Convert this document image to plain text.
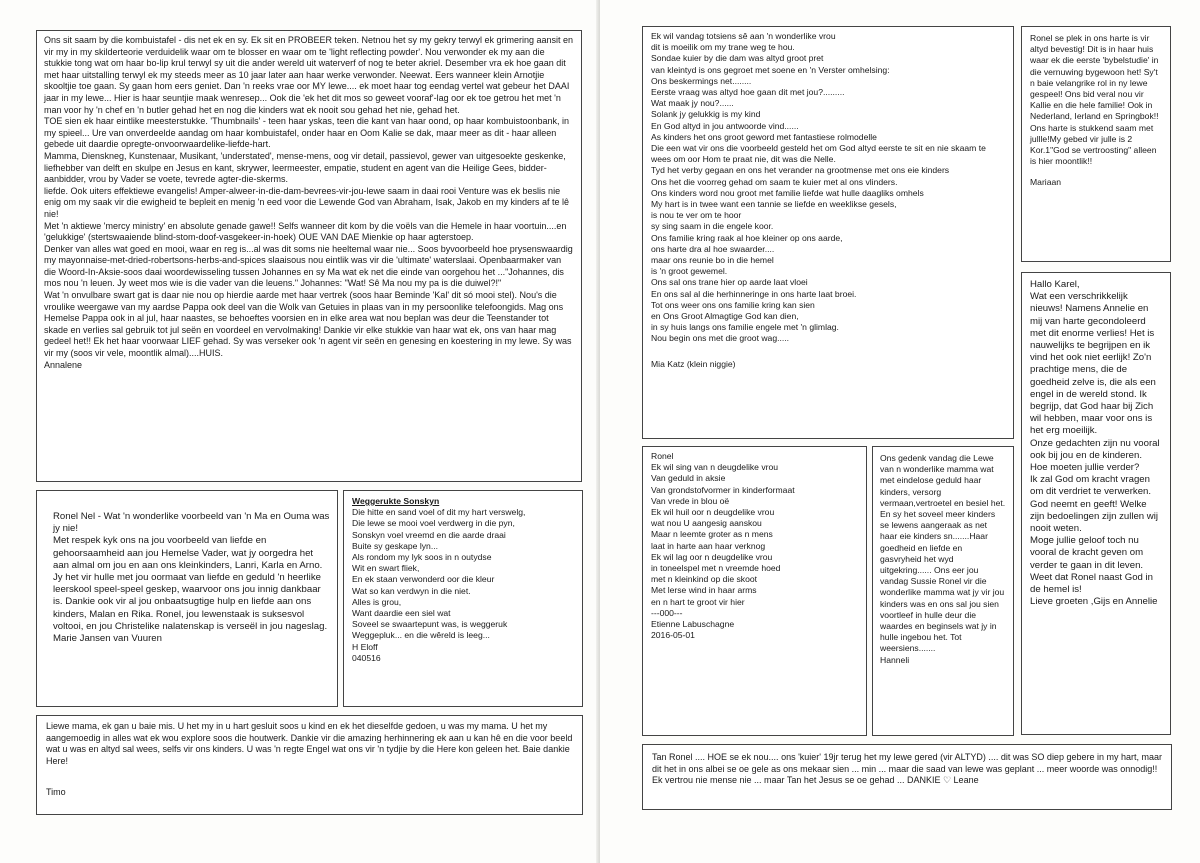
Ons sit saam by die kombuistafel - dis net ek en sy. Ek sit en PROBEER teken. Netnou het sy my gekry terwyl ek grimering aansit en vir my in my skilderteorie verduidelik waar om te blosser en waar om te 'light reflecting powder'. Nou verwonder ek my aan die stukkie tong wat om haar bo-lip krul terwyl sy uit die ander wereld uit waterverf of nog te beter akriel. Desember vra ek hoe gaan dit met haar uitstalling terwyl ek my steeds meer as 10 jaar later aan haar werke verwonder. Neewat. Eers wanneer klein Arnotjie skooltjie toe gaan. Sy gaan hom eers geniet. Dan 'n reeks vrae oor MY lewe.... ek moet haar tog eendag vertel wat gebeur het DAAI jaar in my lewe... Hier is haar seuntjie maak wenresep... Ook die 'ek het dit mos so geweet vooraf'-lag oor ek toe getrou het met 'n man voor hy 'n chef en 'n butler gehad het en nog die kinders wat ek nooit sou gehad het nie, gehad het.
TOE sien ek haar eintlike meesterstukke. 'Thumbnails' - teen haar yskas, teen die kant van haar oond, op haar kombuistoonbank, in my spieel... Ure van onverdeelde aandag om haar kombuistafel, onder haar en Oom Kalie se dak, maar meer as dit - haar alleen gebede uit daardie opregte-onvoorwaardelike-liefde-hart.
Mamma, Dienskneg, Kunstenaar, Musikant, 'understated', mense-mens, oog vir detail, passievol, gewer van uitgesoekte geskenke, liefhebber van delft en skulpe en Jesus en kant, skrywer, leermeester, empatie, student en agent van die Heilige Gees, bidder-aanbidder, vrou by Vader se voete, tevrede agter-die-skerms.
liefde. Ook uiters effektiewe evangelis! Amper-alweer-in-die-dam-bevrees-vir-jou-lewe saam in daai rooi Venture was ek beslis nie enig om my saak vir die ewigheid te bepleit en menig 'n eed voor die Lewende God van Abraham, Isak, Jakob en my kinders af te lê nie!
Met 'n aktiewe 'mercy ministry' en absolute genade gawe!! Selfs wanneer dit kom by die voëls van die Hemele in haar voortuin....en 'gelukkige' (stertswaaiende blind-stom-doof-vasgekeer-in-hoek) OUE VAN DAE Mienkie op haar agterstoep.
Denker van alles wat goed en mooi, waar en reg is...al was dit soms nie heeltemal waar nie... Soos byvoorbeeld hoe prysenswaardig my mayonnaise-met-dried-robertsons-herbs-and-spices slaaisous nou eintlik was vir die 'ultimate' waterslaai. Openbaarmaker van die Woord-In-Aksie-soos daai woordewisseling tussen Johannes en sy Ma wat ek net die einde van oorgehou het ..."Johannes, dis mos nou 'n leuen. Jy weet mos wie is die vader van die leuens." Johannes: "Wat! Sê Ma nou my pa is die duiwel?!"
Wat 'n onvulbare swart gat is daar nie nou op hierdie aarde met haar vertrek (soos haar Beminde 'Kal' dit só mooi stel). Nou's die vroulike weergawe van my aardse Pappa ook deel van die Wolk van Getuies in plaas van in my persoonlike telefoongids. Mag ons Hemelse Pappa ook in al jul, haar naastes, se behoeftes voorsien en in elke area wat nou beplan was deur die Teenstander tot skade en verlies sal gebruik tot jul seën en voordeel en vervolmaking! Dankie vir elke stukkie van haar wat ek, ons van haar mag gedeel het!! Ek het haar voorwaar LIEF gehad. Sy was verseker ook 'n agent vir seën en genesing en koestering in my lewe. Sy was vir my (soos vir vele, moontlik almal)....HUIS.

Annalene

Ronel Nel - Wat 'n wonderlike voorbeeld van 'n Ma en Ouma was jy nie!
Met respek kyk ons na jou voorbeeld van liefde en gehoorsaamheid aan jou Hemelse Vader, wat jy oorgedra het aan almal om jou en aan ons kleinkinders, Lanri, Karla en Arno.
Jy het vir hulle met jou oormaat van liefde en geduld 'n heerlike leerskool speel-speel geskep, waarvoor ons jou innig dankbaar is. Dankie ook vir al jou onbaatsugtige hulp en liefde aan ons kinders, Malan en Rika. Ronel, jou lewenstaak is suksesvol voltooi, en jou Christelike nalatenskap is verseël in jou nageslag.

Marie Jansen van Vuuren

Weggerukte Sonskyn

Die hitte en sand voel of dit my hart verswelg,
Die lewe se mooi voel verdwerg in die pyn,
Sonskyn voel vreemd en die aarde draai
Buite sy geskape lyn...
Als rondom my lyk soos in n outydse
Wit en swart fliek,
En ek staan verwonderd oor die kleur
Wat so kan verdwyn in die niet.
Alles is grou,
Want daardie een siel wat
Soveel se swaartepunt was, is weggeruk
Weggepluk... en die wêreld is leeg...

H Eloff

040516

Liewe mama, ek gan u baie mis. U het my in u hart gesluit soos u kind en ek het dieselfde gedoen, u was my mama. U het my aangemoedig in alles wat ek wou explore soos die houtwerk. Dankie vir die amazing herhinnering ek aan u kan hê en die voor beeld wat u was en altyd sal wees, selfs vir ons kinders. U was 'n regte Engel wat ons vir 'n tydjie by die Here kon geleen het. Baie dankie Here!

Timo

Ek wil vandag totsiens sê aan 'n wonderlike vrou
dit is moeilik om my trane weg te hou.
Sondae kuier by die dam was altyd groot pret
van kleintyd is ons gegroet met soene en 'n Verster omhelsing:
Ons beskermings net........
Eerste vraag was altyd hoe gaan dit met jou?.........
Wat maak jy nou?......
Solank jy gelukkig is my kind
En God altyd in jou antwoorde vind......
As kinders het ons groot geword met fantastiese rolmodelle
Die een wat vir ons die voorbeeld gesteld het om God altyd eerste te sit en nie skaam te wees om oor Hom te praat nie, dit was die Nelle.
Tyd het verby gegaan en ons het verander na grootmense met ons eie kinders
Ons het die voorreg gehad om saam te kuier met al ons vlinders.
Ons kinders word nou groot met familie liefde wat hulle daagliks omhels
My hart is in twee want een tannie se liefde en weeklikse gesels,
is nou te ver om te hoor
sy sing saam in die engele koor.
Ons familie kring raak al hoe kleiner op ons aarde,
ons harte dra al hoe swaarder....
maar ons reunie bo in die hemel
is 'n groot gewemel.
Ons sal ons trane hier op aarde laat vloei
En ons sal al die herhinneringe in ons harte laat broei.
Tot ons weer ons ons familie kring kan sien
en Ons Groot Almagtige God kan dien,
in sy huis langs ons familie engele met 'n glimlag.
Nou begin ons met die groot wag.....

Mia Katz (klein niggie)

Ronel se plek in ons harte is vir altyd bevestig! Dit is in haar huis waar ek die eerste 'bybelstudie' in die vernuwing bygewoon het! Sy't n baie velangrike rol in ny lewe gespeel! Ons bid veral nou vir Kallie en die hele familie! Ook in Nederland, Ierland en Springbok!! Ons harte is stukkend saam met jullle!My gebed vir julle is 2 Kor.1"God se vertroosting" alleen is hier moontlik!!

Mariaan

Hallo Karel,
Wat een verschrikkelijk nieuws! Namens Annelie en mij van harte gecondoleerd met dit enorme verlies! Het is nauwelijks te begrijpen en ik vind het ook niet eerlijk! Zo'n prachtige mens, die de goedheid zelve is, die als een engel in de wereld stond. Ik begrijp, dat God haar bij Zich wil hebben, maar voor ons is het erg moeilijk.
Onze gedachten zijn nu vooral ook bij jou en de kinderen. Hoe moeten jullie verder?
Ik zal God om kracht vragen om dit verdriet te verwerken.
God neemt en geeft! Welke zijn bedoelingen zijn zullen wij nooit weten.
Moge jullie geloof toch nu vooral de kracht geven om verder te gaan in dit leven.
Weet dat Ronel naast God in de hemel is!
Lieve groeten ,Gijs en Annelie

Ronel
Ek wil sing van n deugdelike vrou
Van geduld in aksie
Van grondstofvormer in kinderformaat
Van vrede in blou oë
Ek wil huil oor n deugdelike vrou
wat nou U aangesig aanskou
Maar n leemte groter as n mens
laat in harte aan haar verknog
Ek wil lag oor n deugdelike vrou
in toneelspel met n vreemde hoed
met n kleinkind op die skoot
Met lerse wind in haar arms
en n hart te groot vir hier
---000---

Etienne Labuschagne

2016-05-01

Ons gedenk vandag die Lewe van n wonderlike mamma wat met eindelose geduld haar kinders, versorg vermaan,vertroetel en besiel het. En sy het soveel meer kinders se lewens aangeraak as net haar eie kinders sn.......Haar goedheid en liefde en gasvryheid het wyd uitgekring...... Ons eer jou vandag Sussie Ronel vir die wonderlike mamma wat jy vir jou kinders was en ons sal jou sien voortleef in hulle deur die waardes en beginsels wat jy in hulle ingebou het. Tot weersiens.......

Hanneli

Tan Ronel .... HOE se ek nou.... ons 'kuier' 19jr terug het my lewe gered (vir ALTYD) .... dit was SO diep gebere in my hart, maar dit het in ons albei se oe gele as ons mekaar sien ... min ... maar die saad van lewe was geplant ... meer woorde was onnodig!! Ek vertrou nie mense nie ... maar Tan het Jesus se oe gehad ... DANKIE ♡ Leane
